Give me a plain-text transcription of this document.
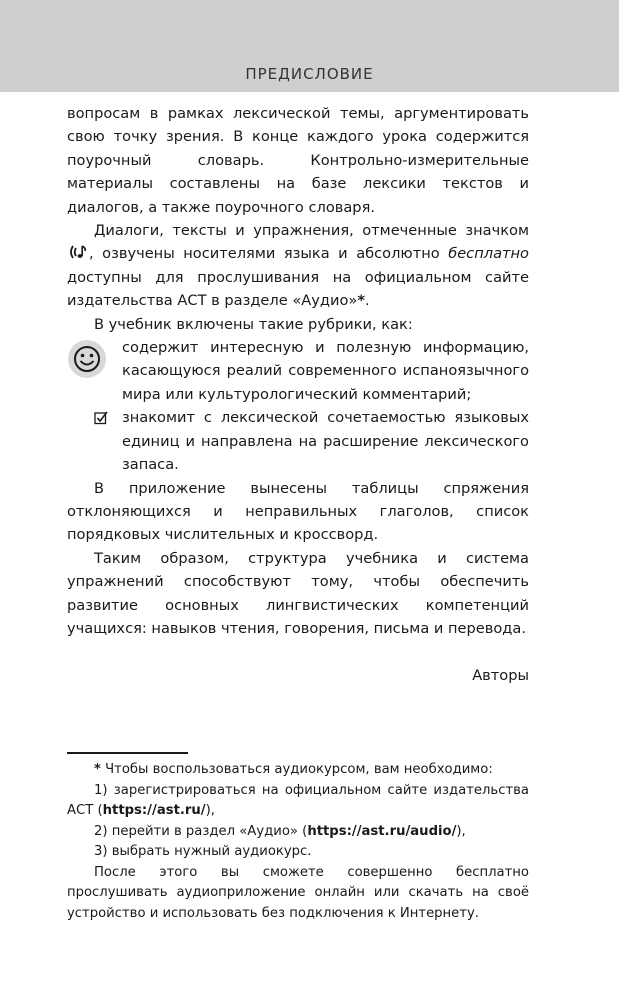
ПРЕДИСЛОВИЕ

вопросам в рамках лексической темы, аргументировать свою точку зрения. В конце каждого урока содержится поурочный словарь. Контрольно-измерительные материалы составлены на базе лексики текстов и диалогов, а также поурочного словаря.

Диалоги, тексты и упражнения, отмеченные значком , озвучены носителями языка и абсолютно бесплатно доступны для прослушивания на официальном сайте издательства АСТ в разделе «Аудио»*.

В учебник включены такие рубрики, как:

содержит интересную и полезную информацию, касающуюся реалий современного испаноязычного мира или культурологический комментарий;

знакомит с лексической сочетаемостью языковых единиц и направлена на расширение лексического запаса.

В приложение вынесены таблицы спряжения отклоняющихся и неправильных глаголов, список порядковых числительных и кроссворд.

Таким образом, структура учебника и система упражнений способствуют тому, чтобы обеспечить развитие основных лингвистических компетенций учащихся: навыков чтения, говорения, письма и перевода.

Авторы

* Чтобы воспользоваться аудиокурсом, вам необходимо:

1) зарегистрироваться на официальном сайте издательства АСТ (https://ast.ru/),

2) перейти в раздел «Аудио» (https://ast.ru/audio/),

3) выбрать нужный аудиокурс.

После этого вы сможете совершенно бесплатно прослушивать аудиоприложение онлайн или скачать на своё устройство и использовать без подключения к Интернету.
